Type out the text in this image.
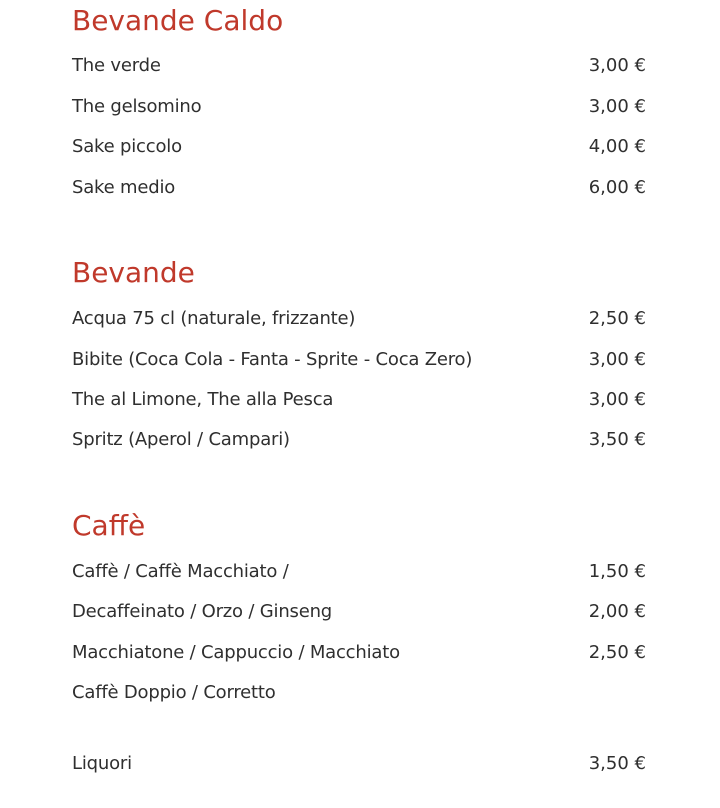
Bevande Caldo
The verde	3,00 €
The gelsomino	3,00 €
Sake piccolo	4,00 €
Sake medio	6,00 €
Bevande
Acqua 75 cl (naturale, frizzante)	2,50 €
Bibite (Coca Cola - Fanta - Sprite - Coca Zero)	3,00 €
The al Limone, The alla Pesca	3,00 €
Spritz (Aperol / Campari)	3,50 €
Caffè
Caffè / Caffè Macchiato /	1,50 €
Decaffeinato / Orzo / Ginseng	2,00 €
Macchiatone / Cappuccio / Macchiato	2,50 €
Caffè Doppio / Corretto
Liquori	3,50 €
